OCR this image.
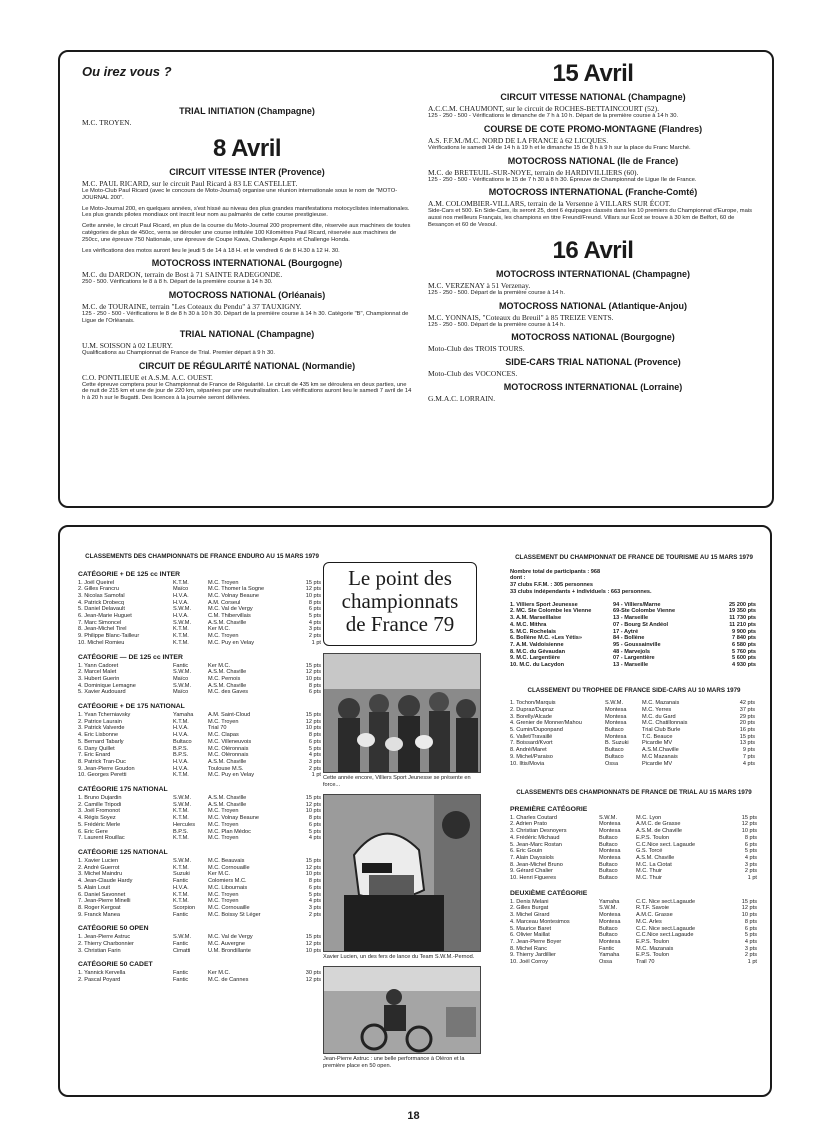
Ou irez vous ?
TRIAL INITIATION (Champagne)

M.C. TROYEN.

8 Avril
CIRCUIT VITESSE INTER (Provence)

M.C. PAUL RICARD, sur le circuit Paul Ricard à 83 LE CASTELLET.

Le Moto-Club Paul Ricard (avec le concours de Moto-Journal) organise une réunion internationale sous le nom de "MOTO-JOURNAL 200".

Le Moto-Journal 200, en quelques années, s'est hissé au niveau des plus grandes manifestations motocyclistes internationales. Les plus grands pilotes mondiaux ont inscrit leur nom au palmarès de cette course prestigieuse.

Cette année, le circuit Paul Ricard, en plus de la course du Moto-Journal 200 proprement dite, réservée aux machines de toutes catégories de plus de 450cc, verra se dérouler une course intitulée 100 Kilomètres Paul Ricard, réservée aux machines de 250cc, une épreuve 750 Nationale, une épreuve de Coupe Kawa, Challenge Aspès et Challenge Honda.

Les vérifications des motos auront lieu le jeudi 5 de 14 à 18 H. et le vendredi 6 de 8 H.30 à 12 H. 30.

MOTOCROSS INTERNATIONAL (Bourgogne)

M.C. du DARDON, terrain de Bost à 71 SAINTE RADEGONDE.

250 - 500. Vérifications le 8 à 8 h. Départ de la première course à 14 h 30.

MOTOCROSS NATIONAL (Orléanais)

M.C. de TOURAINE, terrain "Les Coteaux du Pendu" à 37 TAUXIGNY.

125 - 250 - 500 - Vérifications le 8 de 8 h 30 à 10 h 30. Départ de la première course à 14 h 30. Catégorie "B", Championnat de Ligue de l'Orléanais.

TRIAL NATIONAL (Champagne)

U.M. SOISSON à 02 LEURY.

Qualifications au Championnat de France de Trial. Premier départ à 9 h 30.

CIRCUIT DE RÉGULARITÉ NATIONAL (Normandie)

C.O. PONTLIEUE et A.S.M. A.C. OUEST.

Cette épreuve comptera pour le Championnat de France de Régularité. Le circuit de 435 km se déroulera en deux parties, une de nuit de 215 km et une de jour de 220 km, séparées par une neutralisation. Les vérifications auront lieu le samedi 7 avril de 14 h à 20 h sur le Bugatti. Des licences à la journée seront délivrées.

15 Avril
CIRCUIT VITESSE NATIONAL (Champagne)

A.C.C.M. CHAUMONT, sur le circuit de ROCHES-BETTAINCOURT (52).

125 - 250 - 500 - Vérifications le dimanche de 7 h à 10 h. Départ de la première course à 14 h 30.

COURSE DE COTE PROMO-MONTAGNE (Flandres)

A.S. F.F.M./M.C. NORD DE LA FRANCE à 62 LICQUES.

Vérifications le samedi 14 de 14 h à 19 h et le dimanche 15 de 8 h à 9 h sur la place du Franc Marché.

MOTOCROSS NATIONAL (Ile de France)

M.C. de BRETEUIL-SUR-NOYE, terrain de HARDIVILLIERS (60).

125 - 250 - 500 - Vérifications le 15 de 7 h 30 à 8 h 30. Épreuve de Championnat de Ligue Ile de France.

MOTOCROSS INTERNATIONAL (Franche-Comté)

A.M. COLOMBIER-VILLARS, terrain de la Versenne à VILLARS SUR ÉCOT.

Side-Cars et 500. En Side-Cars, ils seront 25, dont 6 équipages classés dans les 10 premiers du Championnat d'Europe, mais aussi nos meilleurs Français, les champions en titre Freund/Freund. Villars sur Écot se trouve à 30 km de Belfort, 60 de Besançon et 60 de Vesoul.

16 Avril
MOTOCROSS INTERNATIONAL (Champagne)

M.C. VERZENAY à 51 Verzenay.

125 - 250 - 500. Départ de la première course à 14 h.

MOTOCROSS NATIONAL (Atlantique-Anjou)

M.C. YONNAIS, "Coteaux du Breuil" à 85 TREIZE VENTS.

125 - 250 - 500. Départ de la première course à 14 h.

MOTOCROSS NATIONAL (Bourgogne)

Moto-Club des TROIS TOURS.

SIDE-CARS TRIAL NATIONAL (Provence)

Moto-Club des VOCONCES.

MOTOCROSS INTERNATIONAL (Lorraine)

G.M.A.C. LORRAIN.

CLASSEMENTS DES CHAMPIONNATS DE FRANCE ENDURO AU 15 MARS 1979

CATÉGORIE + DE 125 cc INTER
1. Joël Queirel	K.T.M.	M.C. Troyen	15 pts
2. Gilles Francru	Maïco	M.C. Thomer la Sogne	12 pts
3. Nicolas Samofal	H.V.A.	M.C. Volnay Beaune	10 pts
4. Patrick Drobecq	H.V.A.	A.M. Corseul	8 pts
5. Daniel Delavault	S.W.M.	M.C. Val de Vergy	6 pts
6. Jean-Marie Huguet	H.V.A.	C.M. Thibervillais	5 pts
7. Marc Simoncel	S.W.M.	A.S.M. Chaville	4 pts
8. Jean-Michel Tirel	K.T.M.	Ker M.C.	3 pts
9. Philippe Blanc-Tailleur	K.T.M.	M.C. Troyen	2 pts
10. Michel Romieu	K.T.M.	M.C. Puy en Velay	1 pt
CATÉGORIE — DE 125 cc INTER
1. Yann Cadoret	Fantic	Ker M.C.	15 pts
2. Marcel Malet	S.W.M.	A.S.M. Chaville	12 pts
3. Hubert Guerin	Maïco	M.C. Pernois	10 pts
4. Dominique Lemagne	S.W.M.	A.S.M. Chaville	8 pts
5. Xavier Audouard	Maïco	M.C. des Gaves	6 pts
CATÉGORIE + DE 175 NATIONAL
1. Yvan Tcherniavsky	Yamaha	A.M. Saint-Cloud	15 pts
2. Patrice Laurain	K.T.M.	M.C. Troyen	12 pts
3. Patrick Valverde	H.V.A.	Trial 70	10 pts
4. Eric Lisbonne	H.V.A.	M.C. Clapas	8 pts
5. Bernard Tabarly	Bultaco	M.C. Villeneuvois	6 pts
6. Dany Quillet	B.P.S.	M.C. Oléronnais	5 pts
7. Eric Enard	B.P.S.	M.C. Oléronnais	4 pts
8. Patrick Tran-Duc	H.V.A.	A.S.M. Chaville	3 pts
9. Jean-Pierre Goudon	H.V.A.	Toulouse M.S.	2 pts
10. Georges Peretti	K.T.M.	M.C. Puy en Velay	1 pt
CATÉGORIE 175 NATIONAL
1. Bruno Dujardin	S.W.M.	A.S.M. Chaville	15 pts
2. Camille Tripodi	S.W.M.	A.S.M. Chaville	12 pts
3. Joël Fromonot	K.T.M.	M.C. Troyen	10 pts
4. Régis Soyez	K.T.M.	M.C. Volnay Beaune	8 pts
5. Frédéric Merle	Hercules	M.C. Troyen	6 pts
6. Eric Gere	B.P.S.	M.C. Plan Médoc	5 pts
7. Laurent Rouillac	K.T.M.	M.C. Troyen	4 pts
CATÉGORIE 125 NATIONAL
1. Xavier Lucien	S.W.M.	M.C. Beauvais	15 pts
2. André Guerrot	K.T.M.	M.C. Cornouaille	12 pts
3. Michel Maindru	Suzuki	Ker M.C.	10 pts
4. Jean-Claude Hardy	Fantic	Colomiers M.C.	8 pts
5. Alain Louit	H.V.A.	M.C. Libournais	6 pts
6. Daniel Savonnet	K.T.M.	M.C. Troyen	5 pts
7. Jean-Pierre Minelli	K.T.M.	M.C. Troyen	4 pts
8. Roger Kergoat	Scorpion	M.C. Cornouaille	3 pts
9. Franck Manea	Fantic	M.C. Boissy St Léger	2 pts
CATÉGORIE 50 OPEN
1. Jean-Pierre Astruc	S.W.M.	M.C. Val de Vergy	15 pts
2. Thierry Charbonnier	Fantic	M.C. Auvergne	12 pts
3. Christian Farin	Cimatti	U.M. Brondillante	10 pts
CATÉGORIE 50 CADET
1. Yannick Kervella	Fantic	Ker M.C.	30 pts
2. Pascal Poyard	Fantic	M.C. de Cannes	12 pts

Cette année encore, Villiers Sport Jeunesse se présente en force...

Xavier Lucien, un des fers de lance du Team S.W.M.-Pernod.

Jean-Pierre Astruc : une belle performance à Oléron et la première place en 50 open.

CLASSEMENT DU CHAMPIONNAT DE FRANCE DE TOURISME AU 15 MARS 1979

Nombre total de participants : 968

dont :

37 clubs F.F.M. : 305 personnes

33 clubs indépendants + individuels : 663 personnes.

1. Villiers Sport Jeunesse	94 - Villiers/Marne	25 200 pts
2. MC. Ste Colombe les Vienne	69-Ste Colombe Vienne	19 350 pts
3. A.M. Marseillaise	13 - Marseille	11 730 pts
4. M.C. Mithra	07 - Bourg St Andéol	11 210 pts
5. M.C. Rochelais	17 - Aytré	9 900 pts
6. Bollène M.C. «Les Yétis»	84 - Bollène	7 840 pts
7. A.M. Valdoisienne	95 - Goussainville	6 580 pts
8. M.C. du Gévaudan	48 - Marvejols	5 760 pts
9. M.C. Largentière	07 - Largentière	5 600 pts
10. M.C. du Lacydon	13 - Marseille	4 930 pts

CLASSEMENT DU TROPHEE DE FRANCE SIDE-CARS AU 10 MARS 1979

1. Tochon/Marquis	S.W.M.	M.C. Mazanais	42 pts
2. Dupraz/Dupraz	Montesa	M.C. Yerres	37 pts
3. Borelly/Alcade	Montesa	M.C. du Gard	29 pts
4. Grenier de Monner/Mahou	Montesa	M.C. Chatillonnais	20 pts
5. Cumin/Duponpand	Bultaco	Trial Club Burle	16 pts
6. Vallet/Travaillé	Montesa	T.C. Beauce	15 pts
7. Boissard/Kvort	B. Suzuki	Picardie MV	13 pts
8. André/Maret	Bultaco	A.S.M.Chaville	9 pts
9. Michel/Paraiso	Bultaco	M.C Mazanais	7 pts
10. Iltis/Movia	Ossa	Picardie MV	4 pts

CLASSEMENTS DES CHAMPIONNATS DE FRANCE DE TRIAL AU 15 MARS 1979

PREMIÈRE CATÉGORIE
1. Charles Coutard	S.W.M.	M.C. Lyon	15 pts
2. Adrien Prato	Montesa	A.M.C. de Grasse	12 pts
3. Christian Desnoyers	Montesa	A.S.M. de Chaville	10 pts
4. Frédéric Michaud	Bultaco	E.P.S. Toulon	8 pts
5. Jean-Marc Rostan	Bultaco	C.C.Nice sect. Lagaude	6 pts
6. Eric Gouin	Montesa	G.S. Torcé	5 pts
7. Alain Dayssiols	Montesa	A.S.M. Chaville	4 pts
8. Jean-Michel Bruno	Bultaco	M.C. La Ciotat	3 pts
9. Gérard Chalier	Bultaco	M.C. Thuir	2 pts
10. Henri Figueres	Bultaco	M.C. Thuir	1 pt
DEUXIÈME CATÉGORIE
1. Denis Melani	Yamaha	C.C. Nice sect.Lagaude	15 pts
2. Gilles Burgat	S.W.M.	R.T.F. Savoie	12 pts
3. Michel Girard	Montesa	A.M.C. Grasse	10 pts
4. Marceau Montesimos	Montesa	M.C. Arles	8 pts
5. Maurice Baret	Bultaco	C.C. Nice sect.Lagaude	6 pts
6. Olivier Maillat	Bultaco	C.C.Nice sect.Lagaude	5 pts
7. Jean-Pierre Boyer	Montesa	E.P.S. Toulon	4 pts
8. Michel Ranc	Fantic	M.C. Mazanais	3 pts
9. Thierry Jardillier	Yamaha	E.P.S. Toulon	2 pts
10. Joël Corroy	Ossa	Trail 70	1 pt
Le point des
championnats
de France 79
18
